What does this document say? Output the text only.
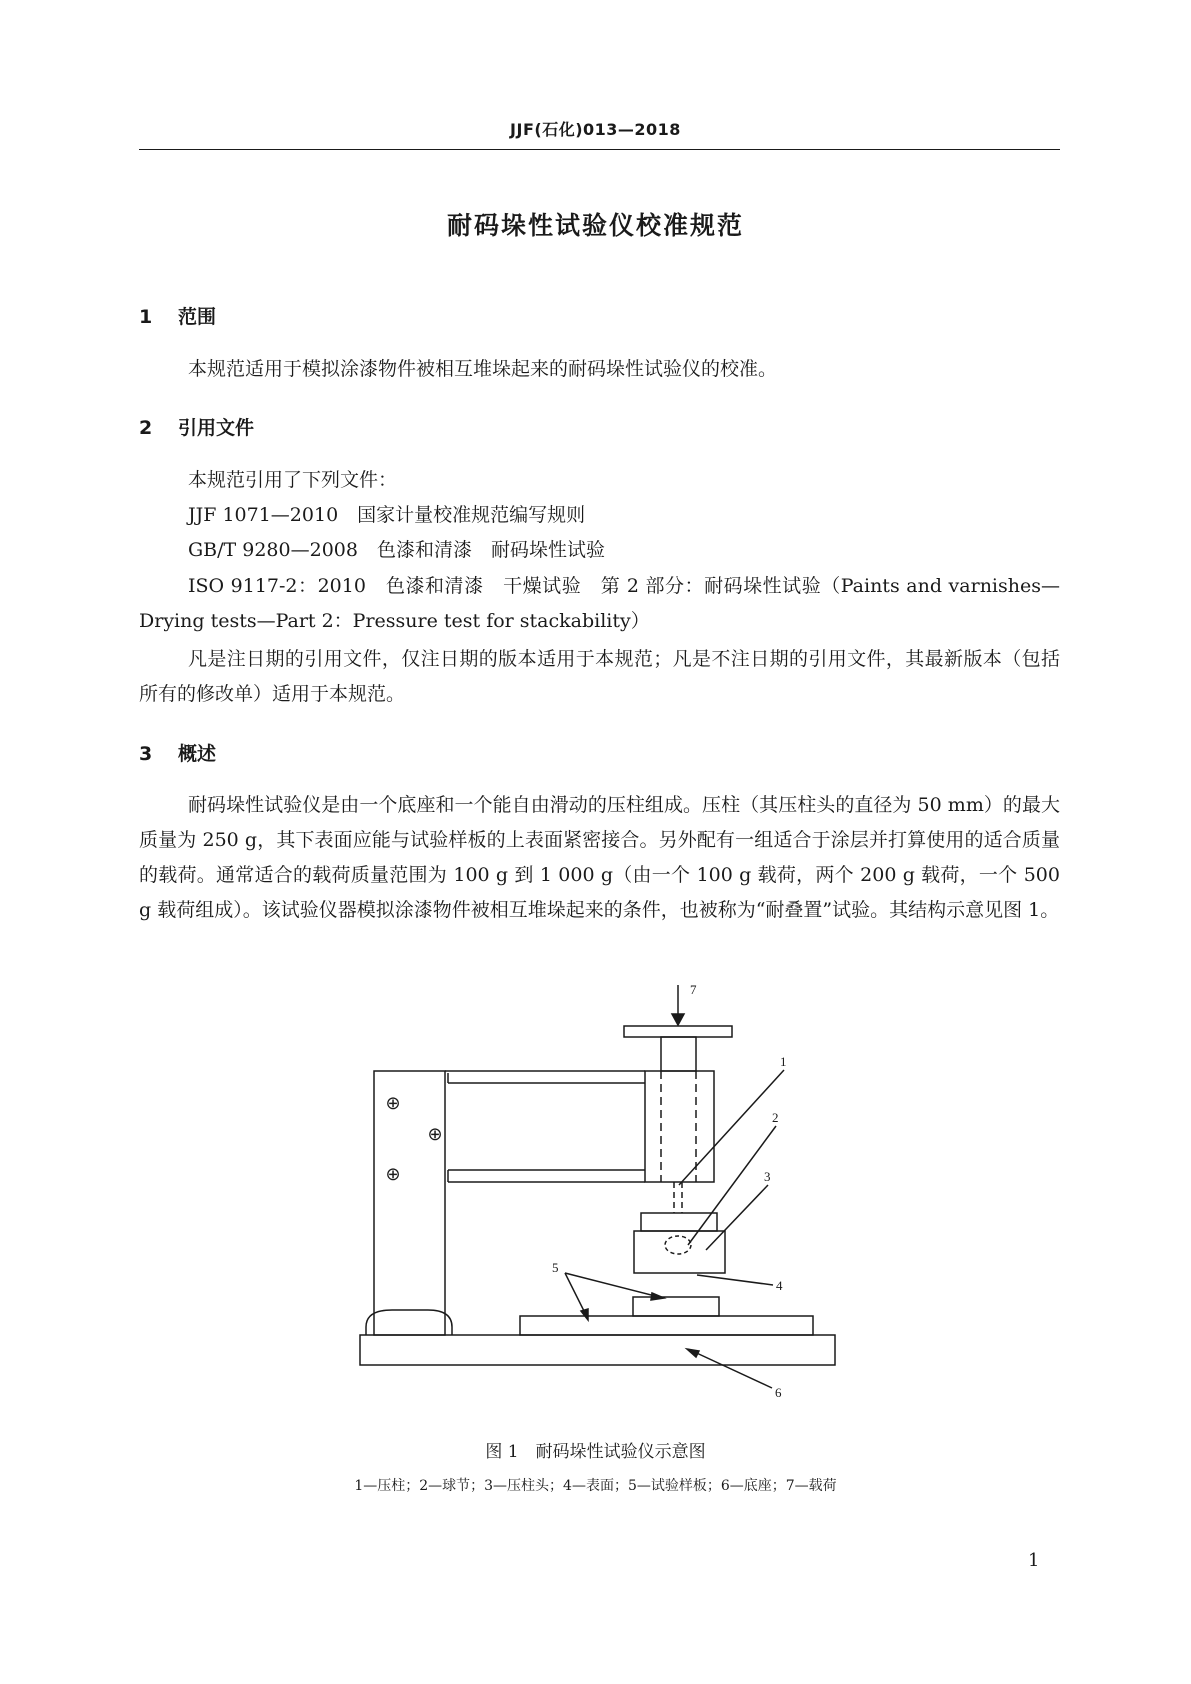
JJF(石化)013—2018
耐码垛性试验仪校准规范
1 范围

本规范适用于模拟涂漆物件被相互堆垛起来的耐码垛性试验仪的校准。

2 引用文件
本规范引用了下列文件：
JJF 1071—2010　国家计量校准规范编写规则
GB/T 9280—2008　色漆和清漆　耐码垛性试验

ISO 9117-2：2010　色漆和清漆　干燥试验　第 2 部分：耐码垛性试验（Paints and varnishes—Drying tests—Part 2：Pressure test for stackability）

凡是注日期的引用文件，仅注日期的版本适用于本规范；凡是不注日期的引用文件，其最新版本（包括所有的修改单）适用于本规范。

3 概述

耐码垛性试验仪是由一个底座和一个能自由滑动的压柱组成。压柱（其压柱头的直径为 50 mm）的最大质量为 250 g，其下表面应能与试验样板的上表面紧密接合。另外配有一组适合于涂层并打算使用的适合质量的载荷。通常适合的载荷质量范围为 100 g 到 1 000 g（由一个 100 g 载荷，两个 200 g 载荷，一个 500 g 载荷组成）。该试验仪器模拟涂漆物件被相互堆垛起来的条件，也被称为“耐叠置”试验。其结构示意见图 1。

⊕
⊕
⊕
7
1
2
3
4
5
6
图 1　耐码垛性试验仪示意图
1—压柱；2—球节；3—压柱头；4—表面；5—试验样板；6—底座；7—载荷
1
